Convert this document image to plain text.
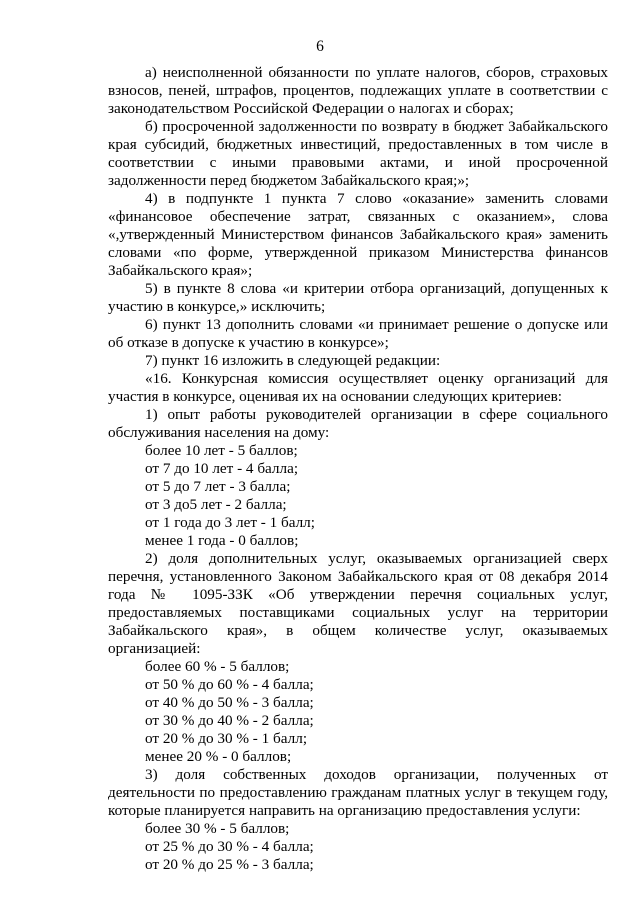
6

а) неисполненной обязанности по уплате налогов, сборов, страховых взносов, пеней, штрафов, процентов, подлежащих уплате в соответствии с законодательством Российской Федерации о налогах и сборах;

б) просроченной задолженности по возврату в бюджет Забайкальского края субсидий, бюджетных инвестиций, предоставленных в том числе в соответствии с иными правовыми актами, и иной просроченной задолженности перед бюджетом Забайкальского края;»;

4) в подпункте 1 пункта 7 слово «оказание» заменить словами «финансовое обеспечение затрат, связанных с оказанием», слова «,утвержденный Министерством финансов Забайкальского края» заменить словами «по форме, утвержденной приказом Министерства финансов Забайкальского края»;

5) в пункте 8 слова «и критерии отбора организаций, допущенных к участию в конкурсе,» исключить;

6) пункт 13 дополнить словами «и принимает решение о допуске или об отказе в допуске к участию в конкурсе»;

7) пункт 16 изложить в следующей редакции:

«16. Конкурсная комиссия осуществляет оценку организаций для участия в конкурсе, оценивая их на основании следующих критериев:

1) опыт работы руководителей организации в сфере социального обслуживания населения на дому:

более 10 лет - 5 баллов;

от 7 до 10 лет - 4 балла;

от 5 до 7 лет - 3 балла;

от 3 до5 лет - 2 балла;

от 1 года до 3 лет - 1 балл;

менее 1 года - 0 баллов;

2) доля дополнительных услуг, оказываемых организацией сверх перечня, установленного Законом Забайкальского края от 08 декабря 2014 года № 1095-ЗЗК «Об утверждении перечня социальных услуг, предоставляемых поставщиками социальных услуг на территории Забайкальского края», в общем количестве услуг, оказываемых организацией:

более 60 % - 5 баллов;

от 50 % до 60 % - 4 балла;

от 40 % до 50 % - 3 балла;

от 30 % до 40 % - 2 балла;

от 20 % до 30 % - 1 балл;

менее 20 % - 0 баллов;

3) доля собственных доходов организации, полученных от деятельности по предоставлению гражданам платных услуг в текущем году, которые планируется направить на организацию предоставления услуги:

более 30 % - 5 баллов;

от 25 % до 30 % - 4 балла;

от 20 % до 25 % - 3 балла;
